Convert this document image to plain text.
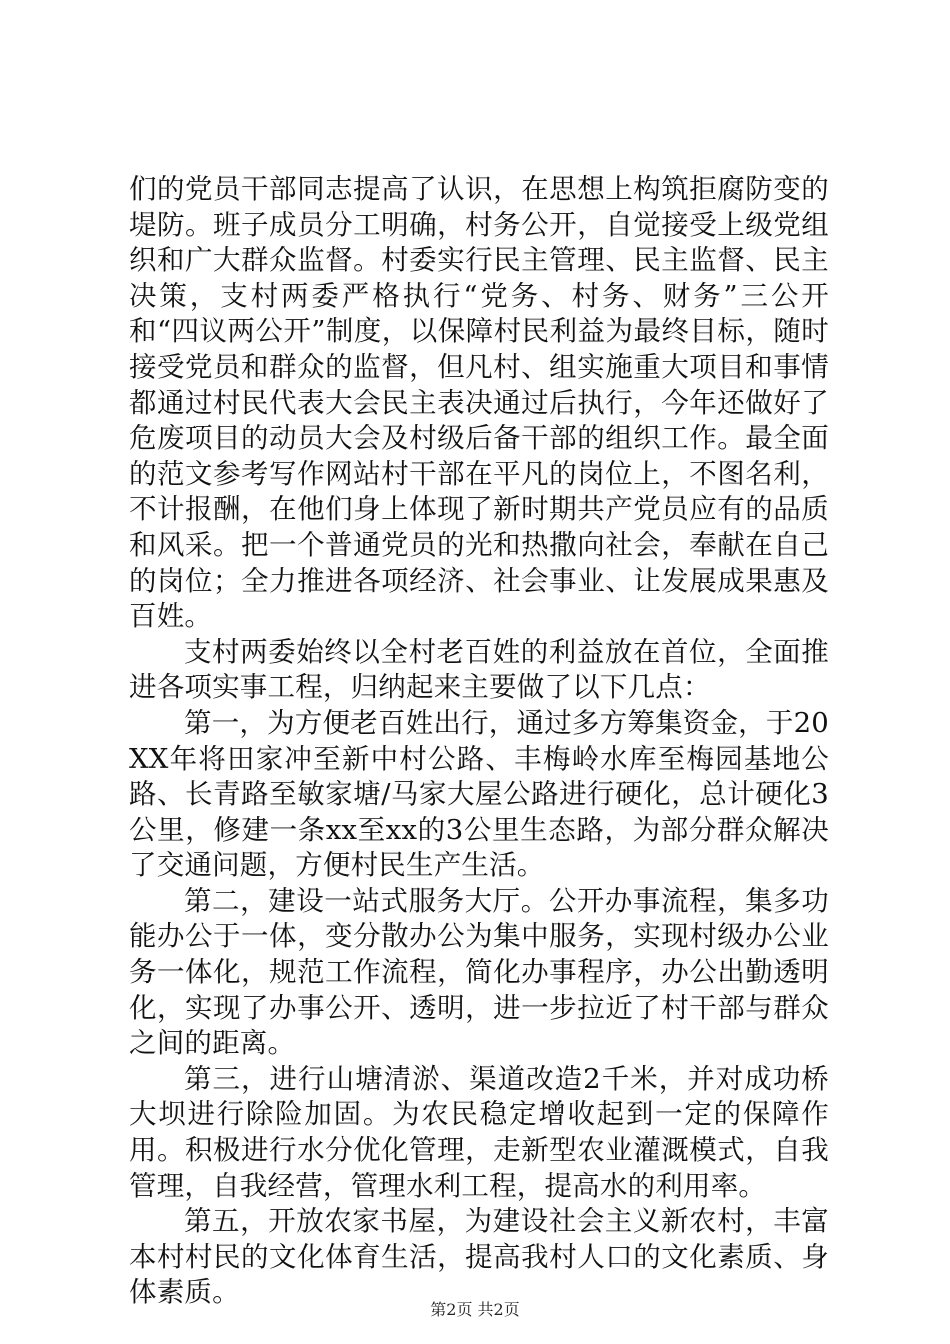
们的党员干部同志提高了认识，在思想上构筑拒腐防变的堤防。班子成员分工明确，村务公开，自觉接受上级党组织和广大群众监督。村委实行民主管理、民主监督、民主决策，支村两委严格执行“党务、村务、财务”三公开和“四议两公开”制度，以保障村民利益为最终目标，随时接受党员和群众的监督，但凡村、组实施重大项目和事情都通过村民代表大会民主表决通过后执行，今年还做好了危废项目的动员大会及村级后备干部的组织工作。最全面的范文参考写作网站村干部在平凡的岗位上，不图名利，不计报酬，在他们身上体现了新时期共产党员应有的品质和风采。把一个普通党员的光和热撒向社会，奉献在自己的岗位；全力推进各项经济、社会事业、让发展成果惠及百姓。

支村两委始终以全村老百姓的利益放在首位，全面推进各项实事工程，归纳起来主要做了以下几点：

第一，为方便老百姓出行，通过多方筹集资金，于20XX年将田家冲至新中村公路、丰梅岭水库至梅园基地公路、长青路至敏家塘/马家大屋公路进行硬化，总计硬化3公里，修建一条xx至xx的3公里生态路，为部分群众解决了交通问题，方便村民生产生活。

第二，建设一站式服务大厅。公开办事流程，集多功能办公于一体，变分散办公为集中服务，实现村级办公业务一体化，规范工作流程，简化办事程序，办公出勤透明化，实现了办事公开、透明，进一步拉近了村干部与群众之间的距离。

第三，进行山塘清淤、渠道改造2千米，并对成功桥大坝进行除险加固。为农民稳定增收起到一定的保障作用。积极进行水分优化管理，走新型农业灌溉模式，自我管理，自我经营，管理水利工程，提高水的利用率。

第五，开放农家书屋，为建设社会主义新农村，丰富本村村民的文化体育生活，提高我村人口的文化素质、身体素质。

第2页 共2页
